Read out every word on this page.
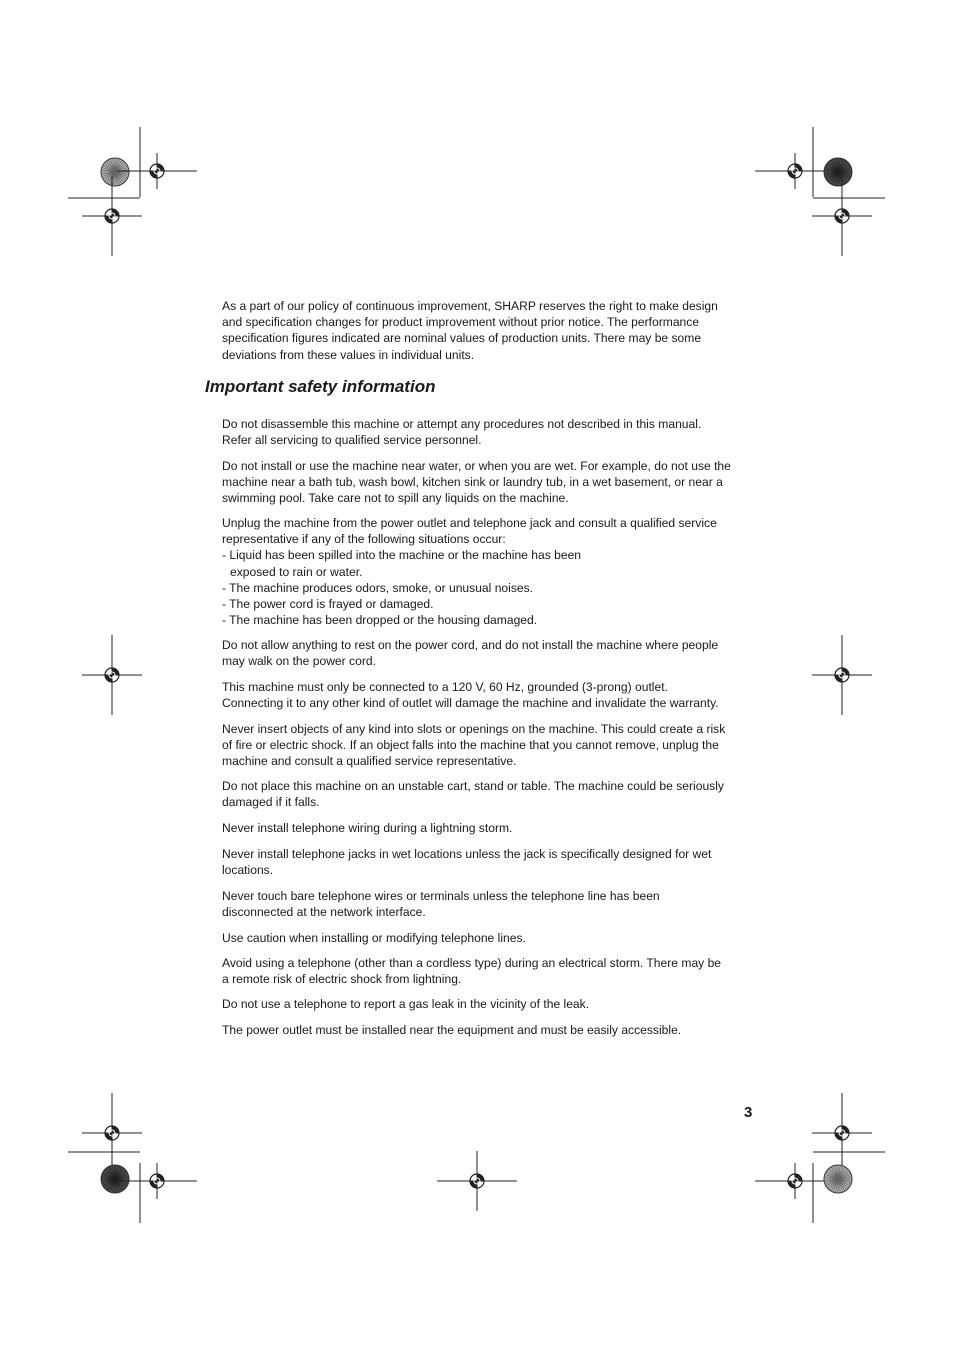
As a part of our policy of continuous improvement, SHARP reserves the right to make design
and specification changes for product improvement without prior notice. The performance
specification figures indicated are nominal values of production units. There may be some
deviations from these values in individual units.

Important safety information

Do not disassemble this machine or attempt any procedures not described in this manual.
Refer all servicing to qualified service personnel.

Do not install or use the machine near water, or when you are wet. For example, do not use the
machine near a bath tub, wash bowl, kitchen sink or laundry tub, in a wet basement, or near a
swimming pool. Take care not to spill any liquids on the machine.

Unplug the machine from the power outlet and telephone jack and consult a qualified service
representative if any of the following situations occur:
- Liquid has been spilled into the machine or the machine has been
exposed to rain or water.
- The machine produces odors, smoke, or unusual noises.
- The power cord is frayed or damaged.
- The machine has been dropped or the housing damaged.

Do not allow anything to rest on the power cord, and do not install the machine where people
may walk on the power cord.

This machine must only be connected to a 120 V, 60 Hz, grounded (3-prong) outlet.
Connecting it to any other kind of outlet will damage the machine and invalidate the warranty.

Never insert objects of any kind into slots or openings on the machine. This could create a risk
of fire or electric shock. If an object falls into the machine that you cannot remove, unplug the
machine and consult a qualified service representative.

Do not place this machine on an unstable cart, stand or table. The machine could be seriously
damaged if it falls.

Never install telephone wiring during a lightning storm.

Never install telephone jacks in wet locations unless the jack is specifically designed for wet
locations.

Never touch bare telephone wires or terminals unless the telephone line has been
disconnected at the network interface.

Use caution when installing or modifying telephone lines.

Avoid using a telephone (other than a cordless type) during an electrical storm. There may be
a remote risk of electric shock from lightning.

Do not use a telephone to report a gas leak in the vicinity of the leak.

The power outlet must be installed near the equipment and must be easily accessible.

3
